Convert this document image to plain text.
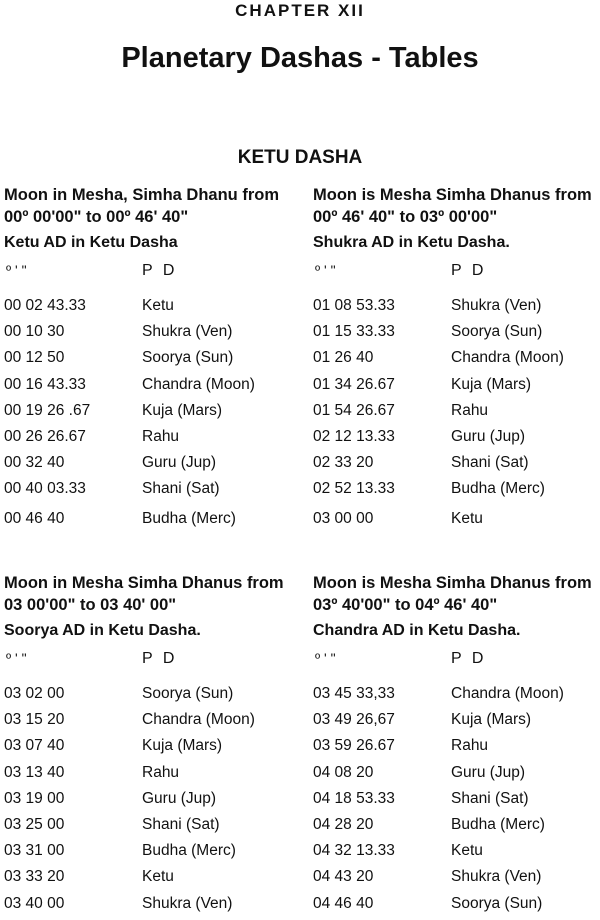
CHAPTER XII
Planetary Dashas - Tables
KETU DASHA
Moon in Mesha, Simha Dhanu from
00º 00'00" to 00º 46' 40"
Ketu AD in Ketu Dasha
º ' "	P D
00 02 43.33	Ketu
00 10 30	Shukra (Ven)
00 12 50	Soorya (Sun)
00 16 43.33	Chandra (Moon)
00 19 26 .67	Kuja (Mars)
00 26 26.67	Rahu
00 32 40	Guru (Jup)
00 40 03.33	Shani (Sat)
00 46 40	Budha (Merc)
Moon is Mesha Simha Dhanus from
00º 46' 40" to 03º 00'00"
Shukra AD in Ketu Dasha.
º ' "	P D
01 08 53.33	Shukra (Ven)
01 15 33.33	Soorya (Sun)
01 26 40	Chandra (Moon)
01 34 26.67	Kuja (Mars)
01 54 26.67	Rahu
02 12 13.33	Guru (Jup)
02 33 20	Shani (Sat)
02 52 13.33	Budha (Merc)
03 00 00	Ketu
Moon in Mesha Simha Dhanus from
03 00'00" to 03 40' 00"
Soorya AD in Ketu Dasha.
º ' "	P D
03 02 00	Soorya (Sun)
03 15 20	Chandra (Moon)
03 07 40	Kuja (Mars)
03 13 40	Rahu
03 19 00	Guru (Jup)
03 25 00	Shani (Sat)
03 31 00	Budha (Merc)
03 33 20	Ketu
03 40 00	Shukra (Ven)
Moon is Mesha Simha Dhanus from
03º 40'00" to 04º 46' 40"
Chandra AD in Ketu Dasha.
º ' "	P D
03 45 33,33	Chandra (Moon)
03 49 26,67	Kuja (Mars)
03 59 26.67	Rahu
04 08 20	Guru (Jup)
04 18 53.33	Shani (Sat)
04 28 20	Budha (Merc)
04 32 13.33	Ketu
04 43 20	Shukra (Ven)
04 46 40	Soorya (Sun)
